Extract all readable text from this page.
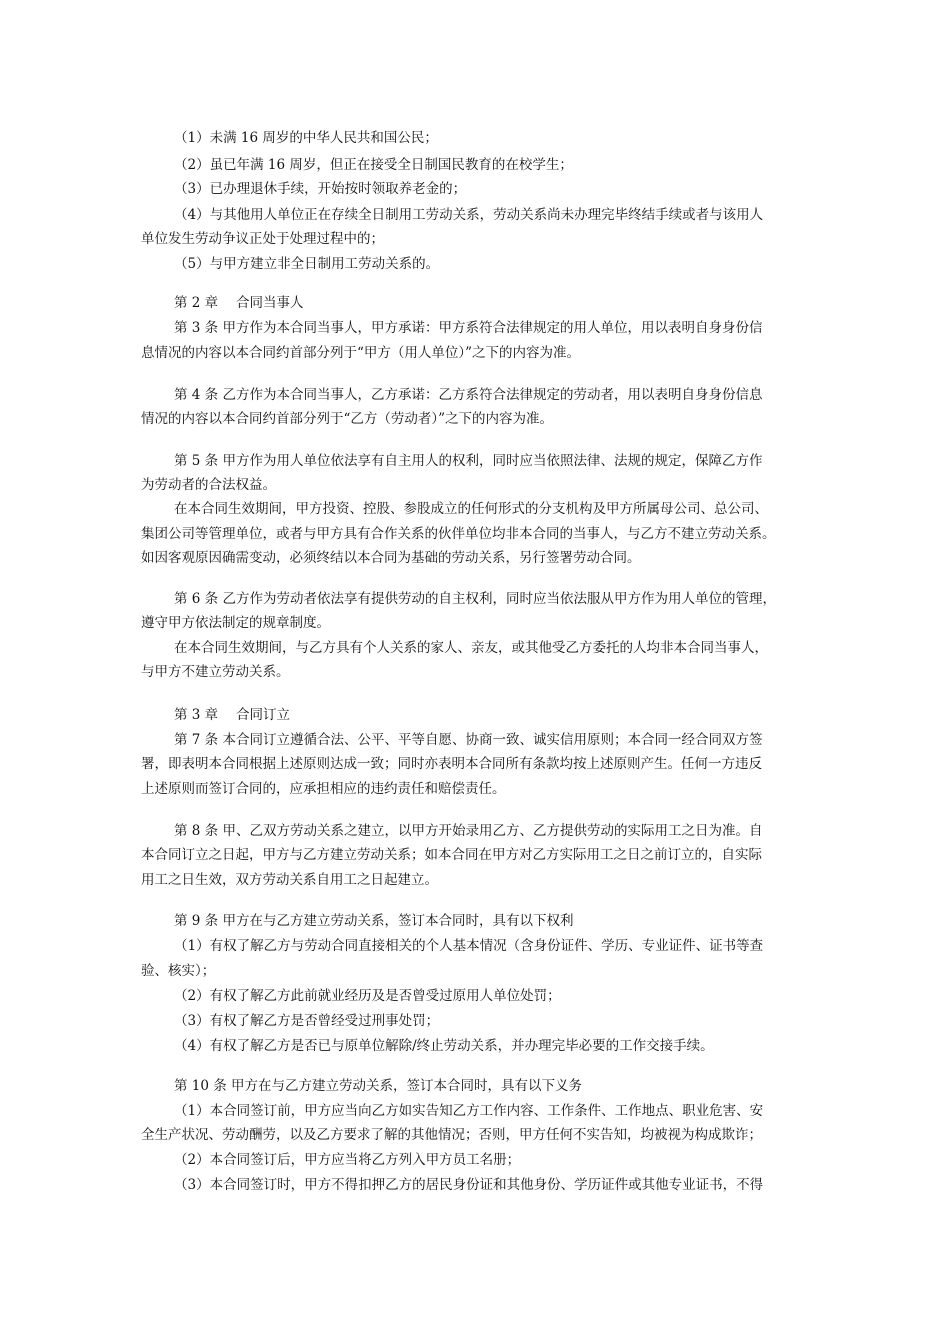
（1）未满 16 周岁的中华人民共和国公民；
（2）虽已年满 16 周岁，但正在接受全日制国民教育的在校学生；
（3）已办理退休手续，开始按时领取养老金的；
（4）与其他用人单位正在存续全日制用工劳动关系，劳动关系尚未办理完毕终结手续或者与该用人
单位发生劳动争议正处于处理过程中的；
（5）与甲方建立非全日制用工劳动关系的。
第 2 章　 合同当事人
第 3 条 甲方作为本合同当事人，甲方承诺：甲方系符合法律规定的用人单位，用以表明自身身份信
息情况的内容以本合同约首部分列于“甲方（用人单位）”之下的内容为准。
第 4 条 乙方作为本合同当事人，乙方承诺：乙方系符合法律规定的劳动者，用以表明自身身份信息
情况的内容以本合同约首部分列于“乙方（劳动者）”之下的内容为准。
第 5 条 甲方作为用人单位依法享有自主用人的权利，同时应当依照法律、法规的规定，保障乙方作
为劳动者的合法权益。
在本合同生效期间，甲方投资、控股、参股成立的任何形式的分支机构及甲方所属母公司、总公司、
集团公司等管理单位，或者与甲方具有合作关系的伙伴单位均非本合同的当事人，与乙方不建立劳动关系。
如因客观原因确需变动，必须终结以本合同为基础的劳动关系，另行签署劳动合同。
第 6 条 乙方作为劳动者依法享有提供劳动的自主权利，同时应当依法服从甲方作为用人单位的管理，
遵守甲方依法制定的规章制度。
在本合同生效期间，与乙方具有个人关系的家人、亲友，或其他受乙方委托的人均非本合同当事人，
与甲方不建立劳动关系。
第 3 章　 合同订立
第 7 条 本合同订立遵循合法、公平、平等自愿、协商一致、诚实信用原则；本合同一经合同双方签
署，即表明本合同根据上述原则达成一致；同时亦表明本合同所有条款均按上述原则产生。任何一方违反
上述原则而签订合同的，应承担相应的违约责任和赔偿责任。
第 8 条 甲、乙双方劳动关系之建立，以甲方开始录用乙方、乙方提供劳动的实际用工之日为准。自
本合同订立之日起，甲方与乙方建立劳动关系；如本合同在甲方对乙方实际用工之日之前订立的，自实际
用工之日生效，双方劳动关系自用工之日起建立。
第 9 条 甲方在与乙方建立劳动关系，签订本合同时，具有以下权利
（1）有权了解乙方与劳动合同直接相关的个人基本情况（含身份证件、学历、专业证件、证书等查
验、核实）；
（2）有权了解乙方此前就业经历及是否曾受过原用人单位处罚；
（3）有权了解乙方是否曾经受过刑事处罚；
（4）有权了解乙方是否已与原单位解除/终止劳动关系，并办理完毕必要的工作交接手续。
第 10 条 甲方在与乙方建立劳动关系，签订本合同时，具有以下义务
（1）本合同签订前，甲方应当向乙方如实告知乙方工作内容、工作条件、工作地点、职业危害、安
全生产状况、劳动酬劳，以及乙方要求了解的其他情况；否则，甲方任何不实告知，均被视为构成欺诈；
（2）本合同签订后，甲方应当将乙方列入甲方员工名册；
（3）本合同签订时，甲方不得扣押乙方的居民身份证和其他身份、学历证件或其他专业证书，不得
